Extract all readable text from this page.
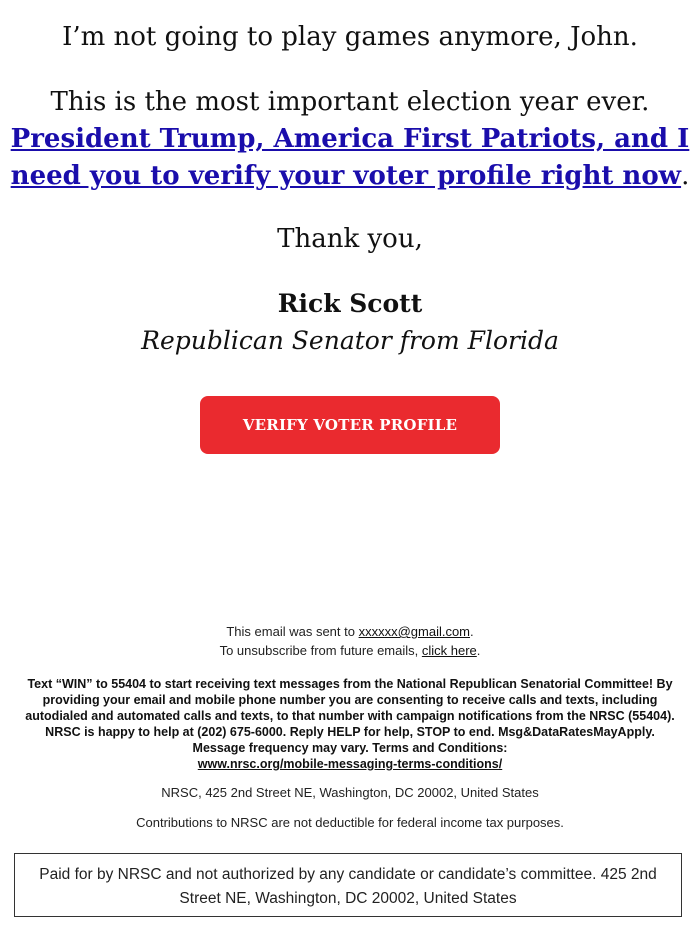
I’m not going to play games anymore, John.

This is the most important election year ever.
President Trump, America First Patriots, and I need you to verify your voter profile right now.
Thank you,
Rick Scott
Republican Senator from Florida
VERIFY VOTER PROFILE
This email was sent to xxxxxx@gmail.com.
To unsubscribe from future emails, click here.
Text “WIN” to 55404 to start receiving text messages from the National Republican Senatorial Committee! By providing your email and mobile phone number you are consenting to receive calls and texts, including autodialed and automated calls and texts, to that number with campaign notifications from the NRSC (55404). NRSC is happy to help at (202) 675-6000. Reply HELP for help, STOP to end. Msg&DataRatesMayApply. Message frequency may vary. Terms and Conditions:
www.nrsc.org/mobile-messaging-terms-conditions/
NRSC, 425 2nd Street NE, Washington, DC 20002, United States
Contributions to NRSC are not deductible for federal income tax purposes.
Paid for by NRSC and not authorized by any candidate or candidate’s committee. 425 2nd Street NE, Washington, DC 20002, United States
